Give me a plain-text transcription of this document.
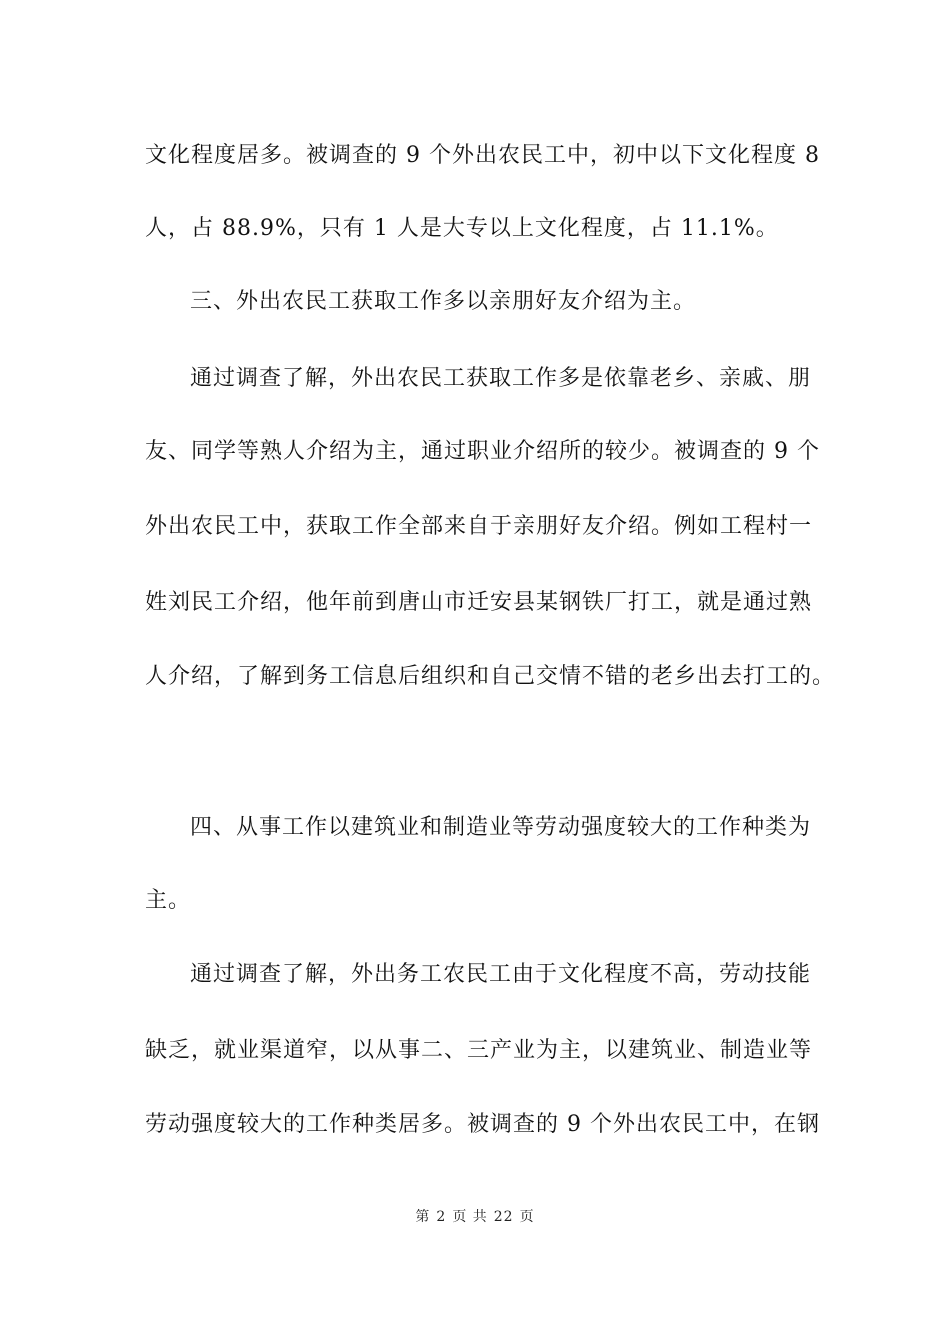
文化程度居多。被调查的 9 个外出农民工中，初中以下文化程度 8
人，占 88.9%，只有 1 人是大专以上文化程度，占 11.1%。
三、外出农民工获取工作多以亲朋好友介绍为主。
通过调查了解，外出农民工获取工作多是依靠老乡、亲戚、朋
友、同学等熟人介绍为主，通过职业介绍所的较少。被调查的 9 个
外出农民工中，获取工作全部来自于亲朋好友介绍。例如工程村一
姓刘民工介绍，他年前到唐山市迁安县某钢铁厂打工，就是通过熟
人介绍，了解到务工信息后组织和自己交情不错的老乡出去打工的。
四、从事工作以建筑业和制造业等劳动强度较大的工作种类为
主。
通过调查了解，外出务工农民工由于文化程度不高，劳动技能
缺乏，就业渠道窄，以从事二、三产业为主，以建筑业、制造业等
劳动强度较大的工作种类居多。被调查的 9 个外出农民工中，在钢
第 2 页 共 22 页
